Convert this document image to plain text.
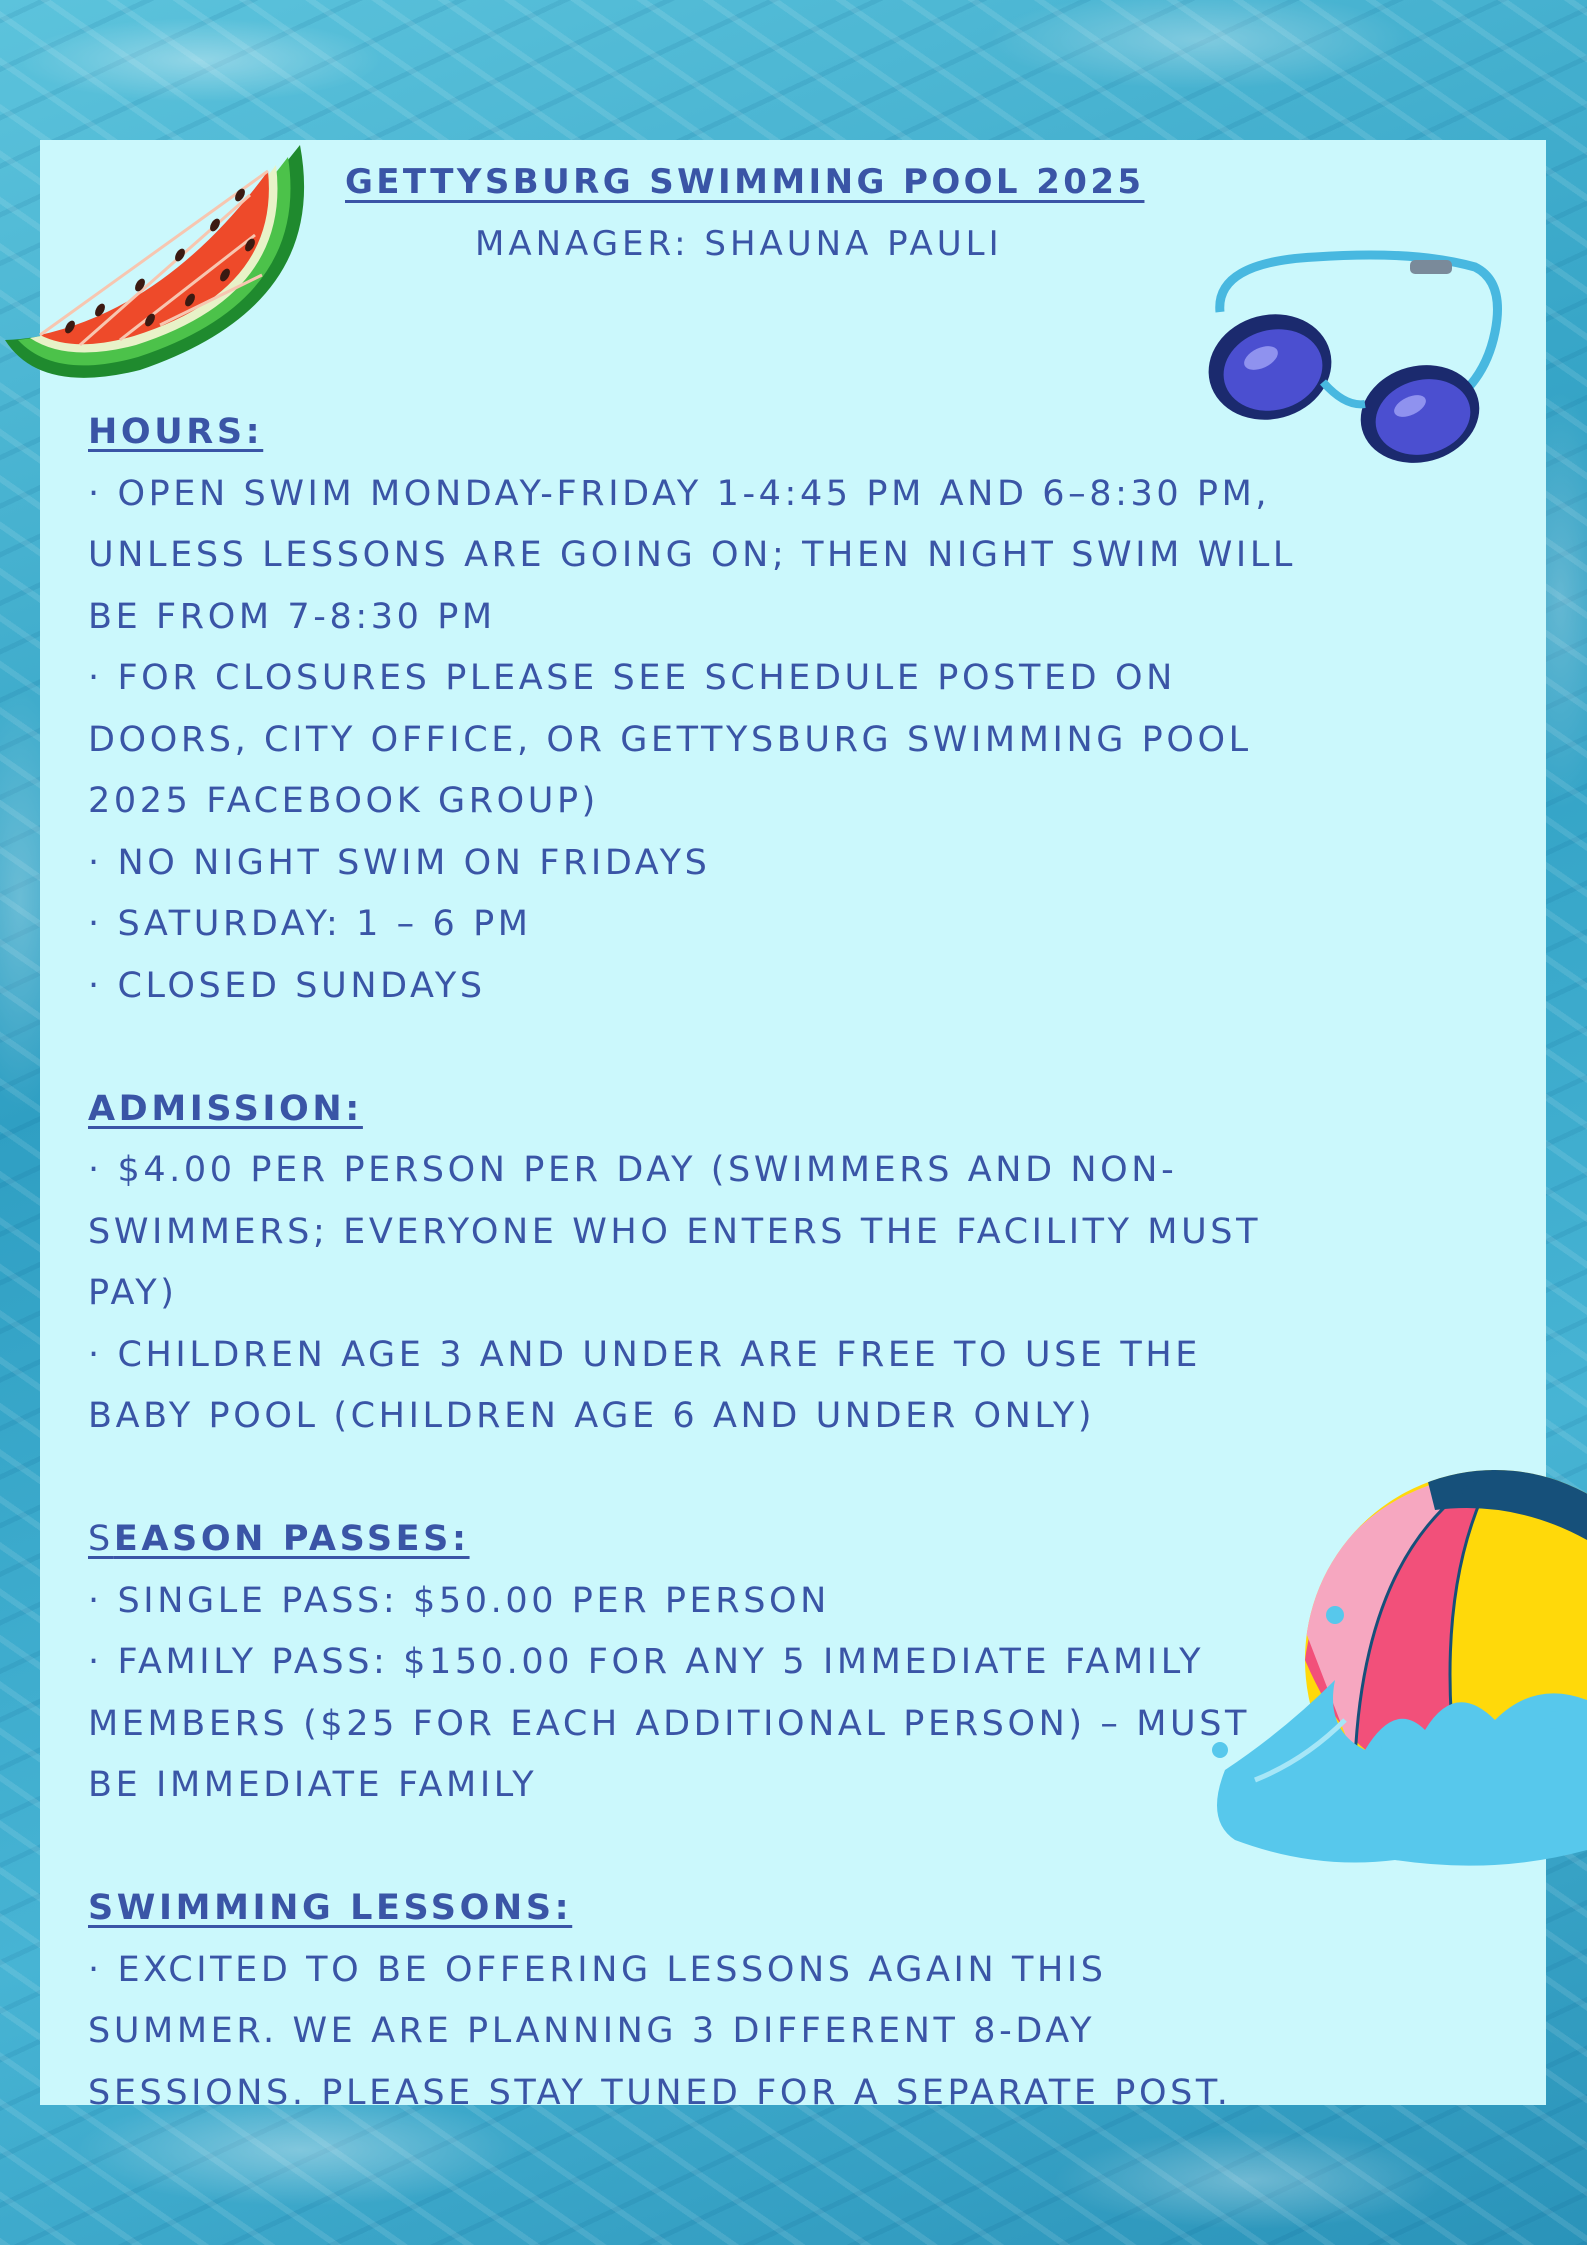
GETTYSBURG SWIMMING POOL 2025
MANAGER: SHAUNA PAULI
HOURS:
· OPEN SWIM MONDAY-FRIDAY 1-4:45 PM AND 6–8:30 PM,
UNLESS LESSONS ARE GOING ON; THEN NIGHT SWIM WILL
BE FROM 7-8:30 PM
· FOR CLOSURES PLEASE SEE SCHEDULE POSTED ON
DOORS, CITY OFFICE, OR GETTYSBURG SWIMMING POOL
2025 FACEBOOK GROUP)
· NO NIGHT SWIM ON FRIDAYS
· SATURDAY: 1 – 6 PM
· CLOSED SUNDAYS
ADMISSION:
· $4.00 PER PERSON PER DAY (SWIMMERS AND NON-
SWIMMERS; EVERYONE WHO ENTERS THE FACILITY MUST
PAY)
· CHILDREN AGE 3 AND UNDER ARE FREE TO USE THE
BABY POOL (CHILDREN AGE 6 AND UNDER ONLY)
SEASON PASSES:
· SINGLE PASS: $50.00 PER PERSON
· FAMILY PASS: $150.00 FOR ANY 5 IMMEDIATE FAMILY
MEMBERS ($25 FOR EACH ADDITIONAL PERSON) – MUST
BE IMMEDIATE FAMILY
SWIMMING LESSONS:
· EXCITED TO BE OFFERING LESSONS AGAIN THIS
SUMMER. WE ARE PLANNING 3 DIFFERENT 8-DAY
SESSIONS. PLEASE STAY TUNED FOR A SEPARATE POST.
